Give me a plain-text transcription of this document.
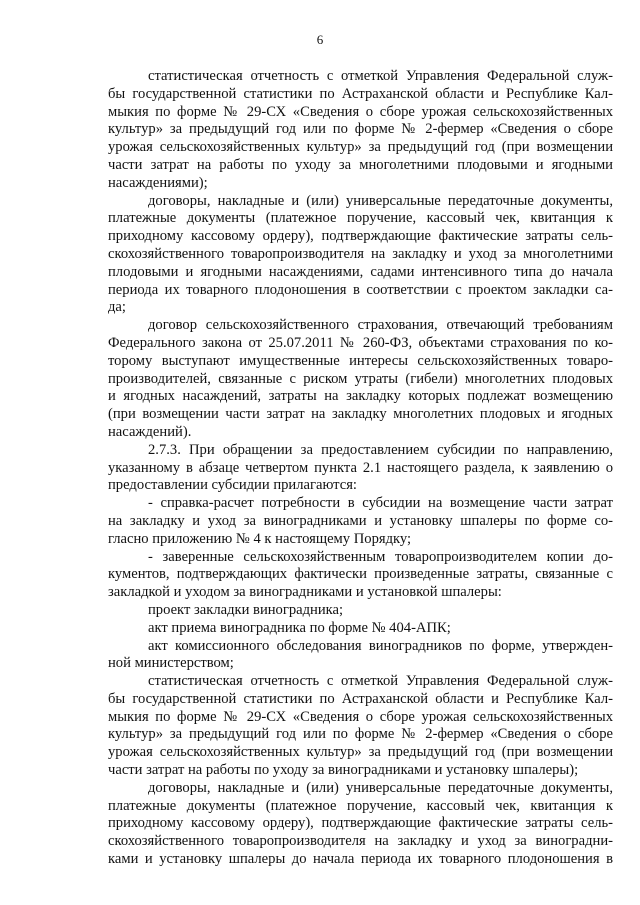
6
статистическая отчетность с отметкой Управления Федеральной служ-
бы государственной статистики по Астраханской области и Республике Кал-
мыкия по форме № 29-СХ «Сведения о сборе урожая сельскохозяйственных
культур» за предыдущий год или по форме № 2-фермер «Сведения о сборе
урожая сельскохозяйственных культур» за предыдущий год (при возмещении
части затрат на работы по уходу за многолетними плодовыми и ягодными
насаждениями);
договоры, накладные и (или) универсальные передаточные документы,
платежные документы (платежное поручение, кассовый чек, квитанция к
приходному кассовому ордеру), подтверждающие фактические затраты сель-
скохозяйственного товаропроизводителя на закладку и уход за многолетними
плодовыми и ягодными насаждениями, садами интенсивного типа до начала
периода их товарного плодоношения в соответствии с проектом закладки са-
да;
договор сельскохозяйственного страхования, отвечающий требованиям
Федерального закона от 25.07.2011 № 260-ФЗ, объектами страхования по ко-
торому выступают имущественные интересы сельскохозяйственных товаро-
производителей, связанные с риском утраты (гибели) многолетних плодовых
и ягодных насаждений, затраты на закладку которых подлежат возмещению
(при возмещении части затрат на закладку многолетних плодовых и ягодных
насаждений).
2.7.3. При обращении за предоставлением субсидии по направлению,
указанному в абзаце четвертом пункта 2.1 настоящего раздела, к заявлению о
предоставлении субсидии прилагаются:
- справка-расчет потребности в субсидии на возмещение части затрат
на закладку и уход за виноградниками и установку шпалеры по форме со-
гласно приложению № 4 к настоящему Порядку;
- заверенные сельскохозяйственным товаропроизводителем копии до-
кументов, подтверждающих фактически произведенные затраты, связанные с
закладкой и уходом за виноградниками и установкой шпалеры:
проект закладки виноградника;
акт приема виноградника по форме № 404-АПК;
акт комиссионного обследования виноградников по форме, утвержден-
ной министерством;
статистическая отчетность с отметкой Управления Федеральной служ-
бы государственной статистики по Астраханской области и Республике Кал-
мыкия по форме № 29-СХ «Сведения о сборе урожая сельскохозяйственных
культур» за предыдущий год или по форме № 2-фермер «Сведения о сборе
урожая сельскохозяйственных культур» за предыдущий год (при возмещении
части затрат на работы по уходу за виноградниками и установку шпалеры);
договоры, накладные и (или) универсальные передаточные документы,
платежные документы (платежное поручение, кассовый чек, квитанция к
приходному кассовому ордеру), подтверждающие фактические затраты сель-
скохозяйственного товаропроизводителя на закладку и уход за виноградни-
ками и установку шпалеры до начала периода их товарного плодоношения в
